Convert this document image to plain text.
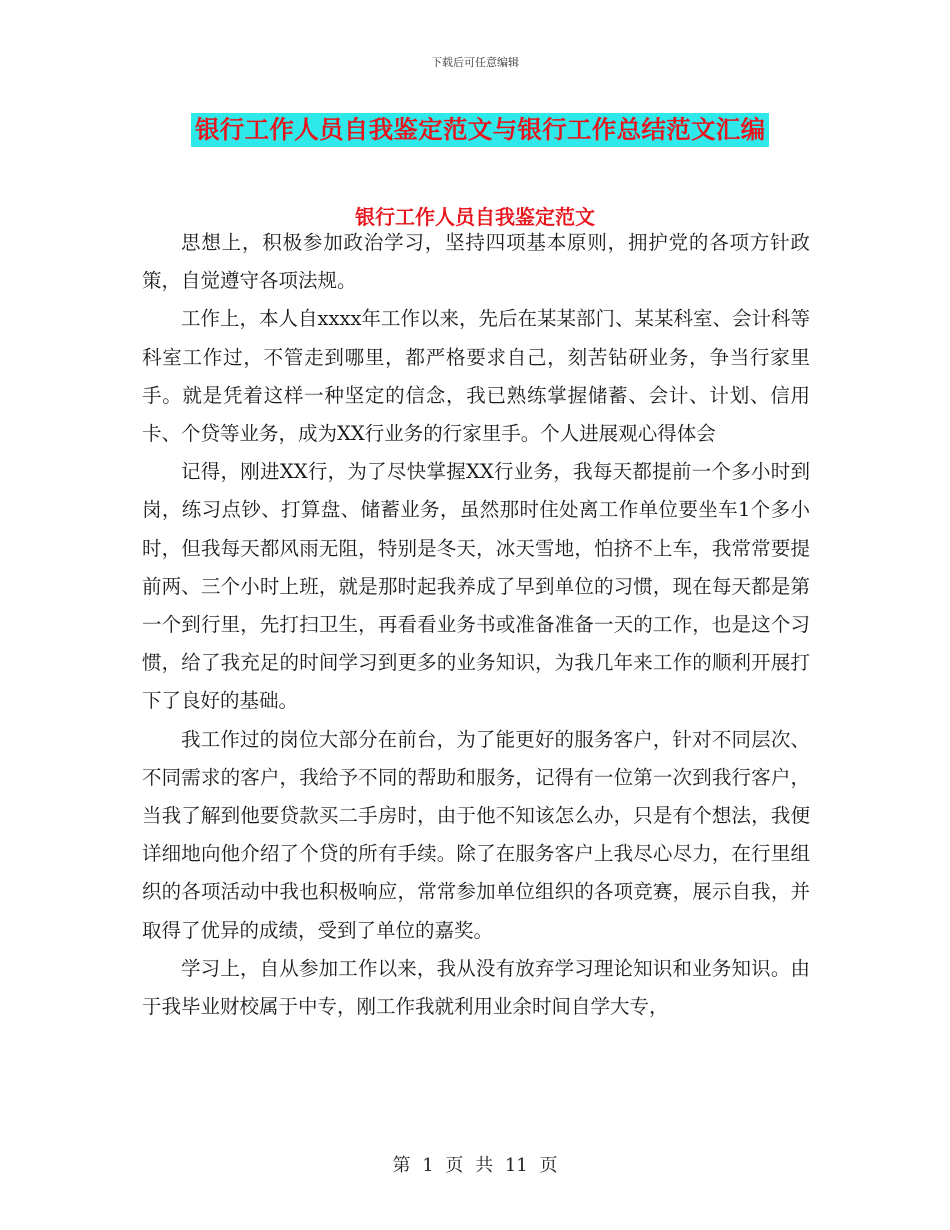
下载后可任意编辑
银行工作人员自我鉴定范文与银行工作总结范文汇编
银行工作人员自我鉴定范文

思想上，积极参加政治学习，坚持四项基本原则，拥护党的各项方针政策，自觉遵守各项法规。

工作上，本人自xxxx年工作以来，先后在某某部门、某某科室、会计科等科室工作过，不管走到哪里，都严格要求自己，刻苦钻研业务，争当行家里手。就是凭着这样一种坚定的信念，我已熟练掌握储蓄、会计、计划、信用卡、个贷等业务，成为XX行业务的行家里手。个人进展观心得体会

记得，刚进XX行，为了尽快掌握XX行业务，我每天都提前一个多小时到岗，练习点钞、打算盘、储蓄业务，虽然那时住处离工作单位要坐车1个多小时，但我每天都风雨无阻，特别是冬天，冰天雪地，怕挤不上车，我常常要提前两、三个小时上班，就是那时起我养成了早到单位的习惯，现在每天都是第一个到行里，先打扫卫生，再看看业务书或准备准备一天的工作，也是这个习惯，给了我充足的时间学习到更多的业务知识，为我几年来工作的顺利开展打下了良好的基础。

我工作过的岗位大部分在前台，为了能更好的服务客户，针对不同层次、不同需求的客户，我给予不同的帮助和服务，记得有一位第一次到我行客户，当我了解到他要贷款买二手房时，由于他不知该怎么办，只是有个想法，我便详细地向他介绍了个贷的所有手续。除了在服务客户上我尽心尽力，在行里组织的各项活动中我也积极响应，常常参加单位组织的各项竞赛，展示自我，并取得了优异的成绩，受到了单位的嘉奖。

学习上，自从参加工作以来，我从没有放弃学习理论知识和业务知识。由于我毕业财校属于中专，刚工作我就利用业余时间自学大专，

第 1 页 共 11 页
